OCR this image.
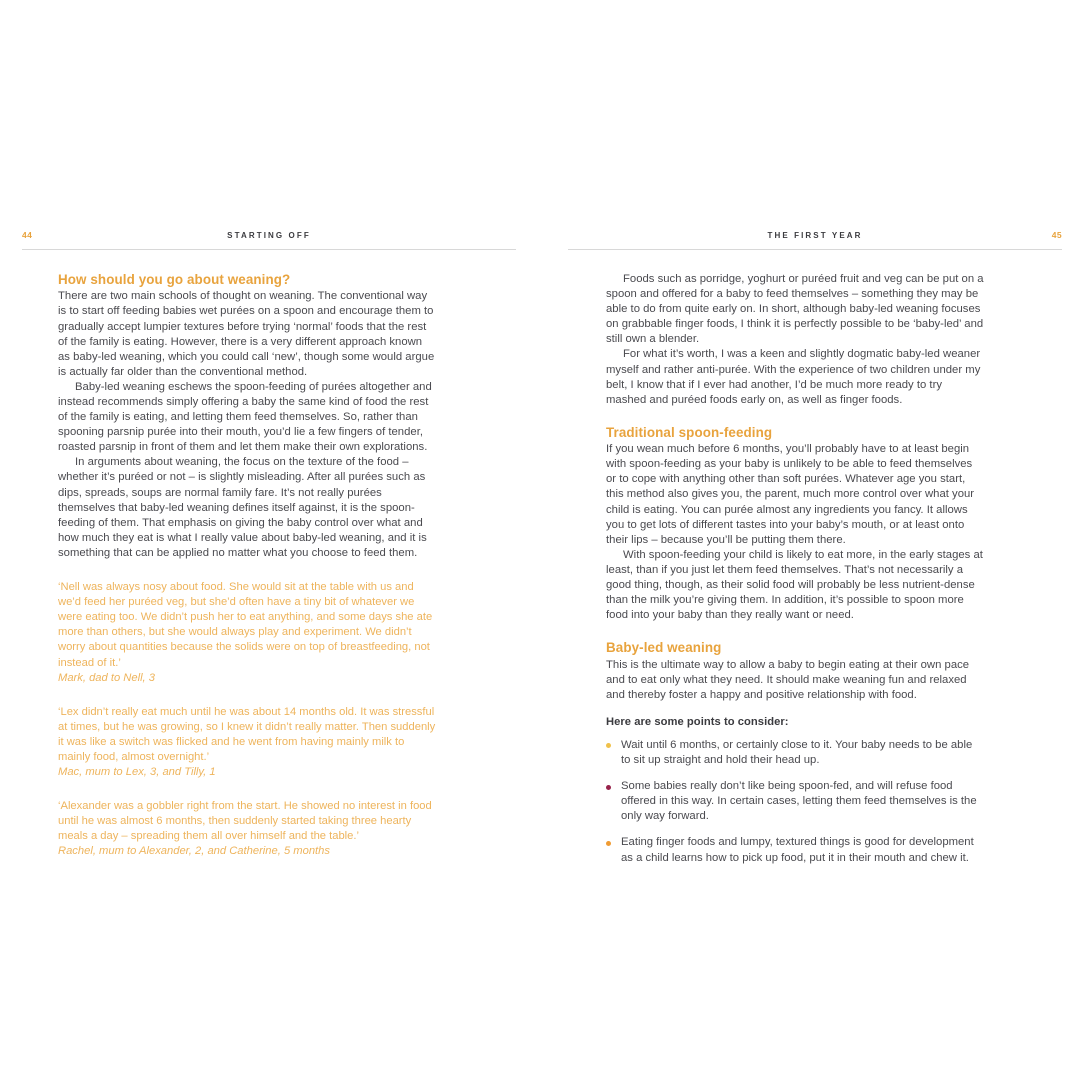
44	STARTING OFF
How should you go about weaning?

There are two main schools of thought on weaning. The conventional way is to start off feeding babies wet purées on a spoon and encourage them to gradually accept lumpier textures before trying ‘normal’ foods that the rest of the family is eating. However, there is a very different approach known as baby-led weaning, which you could call ‘new’, though some would argue is actually far older than the conventional method.

Baby-led weaning eschews the spoon-feeding of purées altogether and instead recommends simply offering a baby the same kind of food the rest of the family is eating, and letting them feed themselves. So, rather than spooning parsnip purée into their mouth, you’d lie a few fingers of tender, roasted parsnip in front of them and let them make their own explorations.

In arguments about weaning, the focus on the texture of the food – whether it’s puréed or not – is slightly misleading. After all purées such as dips, spreads, soups are normal family fare. It’s not really purées themselves that baby-led weaning defines itself against, it is the spoon-feeding of them. That emphasis on giving the baby control over what and how much they eat is what I really value about baby-led weaning, and it is something that can be applied no matter what you choose to feed them.

‘Nell was always nosy about food. She would sit at the table with us and we’d feed her puréed veg, but she’d often have a tiny bit of whatever we were eating too. We didn’t push her to eat anything, and some days she ate more than others, but she would always play and experiment. We didn’t worry about quantities because the solids were on top of breastfeeding, not instead of it.’

Mark, dad to Nell, 3

‘Lex didn’t really eat much until he was about 14 months old. It was stressful at times, but he was growing, so I knew it didn’t really matter. Then suddenly it was like a switch was flicked and he went from having mainly milk to mainly food, almost overnight.’

Mac, mum to Lex, 3, and Tilly, 1

‘Alexander was a gobbler right from the start. He showed no interest in food until he was almost 6 months, then suddenly started taking three hearty meals a day – spreading them all over himself and the table.’

Rachel, mum to Alexander, 2, and Catherine, 5 months

THE FIRST YEAR	45

Foods such as porridge, yoghurt or puréed fruit and veg can be put on a spoon and offered for a baby to feed themselves – something they may be able to do from quite early on. In short, although baby-led weaning focuses on grabbable finger foods, I think it is perfectly possible to be ‘baby-led’ and still own a blender.

For what it’s worth, I was a keen and slightly dogmatic baby-led weaner myself and rather anti-purée. With the experience of two children under my belt, I know that if I ever had another, I’d be much more ready to try mashed and puréed foods early on, as well as finger foods.

Traditional spoon-feeding

If you wean much before 6 months, you’ll probably have to at least begin with spoon-feeding as your baby is unlikely to be able to feed themselves or to cope with anything other than soft purées. Whatever age you start, this method also gives you, the parent, much more control over what your child is eating. You can purée almost any ingredients you fancy. It allows you to get lots of different tastes into your baby’s mouth, or at least onto their lips – because you’ll be putting them there.

With spoon-feeding your child is likely to eat more, in the early stages at least, than if you just let them feed themselves. That’s not necessarily a good thing, though, as their solid food will probably be less nutrient-dense than the milk you’re giving them. In addition, it’s possible to spoon more food into your baby than they really want or need.

Baby-led weaning

This is the ultimate way to allow a baby to begin eating at their own pace and to eat only what they need. It should make weaning fun and relaxed and thereby foster a happy and positive relationship with food.

Here are some points to consider:

Wait until 6 months, or certainly close to it. Your baby needs to be able to sit up straight and hold their head up.
Some babies really don’t like being spoon-fed, and will refuse food offered in this way. In certain cases, letting them feed themselves is the only way forward.
Eating finger foods and lumpy, textured things is good for development as a child learns how to pick up food, put it in their mouth and chew it.
